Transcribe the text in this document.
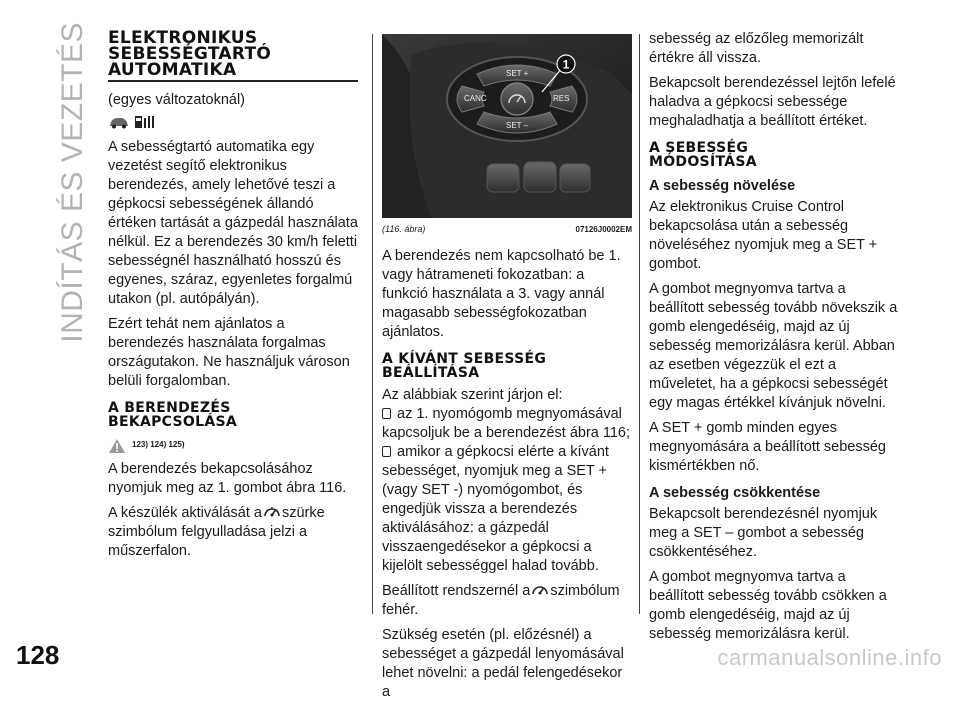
INDÍTÁS ÉS VEZETÉS ELEKTRONIKUS
SEBESSÉGTARTÓ
AUTOMATIKA

(egyes változatoknál)

A sebességtartó automatika egy vezetést segítő elektronikus berendezés, amely lehetővé teszi a gépkocsi sebességének állandó értéken tartását a gázpedál használata nélkül. Ez a berendezés 30 km/h feletti sebességnél használható hosszú és egyenes, száraz, egyenletes forgalmú utakon (pl. autópályán).

Ezért tehát nem ajánlatos a berendezés használata forgalmas országutakon. Ne használjuk városon belüli forgalomban.

A BERENDEZÉS
BEKAPCSOLÁSA
123) 124) 125)

A berendezés bekapcsolásához nyomjuk meg az 1. gombot ábra 116.

A készülék aktiválását a szürke szimbólum felgyulladása jelzi a műszerfalon.

1
SET +
CANC	RES
SET –
(116. ábra)	07126J0002EM

A berendezés nem kapcsolható be 1. vagy hátrameneti fokozatban: a funkció használata a 3. vagy annál magasabb sebességfokozatban ajánlatos.

A KÍVÁNT SEBESSÉG
BEÁLLÍTÁSA

Az alábbiak szerint járjon el:

az 1. nyomógomb megnyomásával kapcsoljuk be a berendezést ábra 116;

amikor a gépkocsi elérte a kívánt sebességet, nyomjuk meg a SET + (vagy SET -) nyomógombot, és engedjük vissza a berendezés aktiválásához: a gázpedál visszaengedésekor a gépkocsi a kijelölt sebességgel halad tovább.

Beállított rendszernél a szimbólum fehér.

Szükség esetén (pl. előzésnél) a sebességet a gázpedál lenyomásával lehet növelni: a pedál felengedésekor a

sebesség az előzőleg memorizált értékre áll vissza.

Bekapcsolt berendezéssel lejtőn lefelé haladva a gépkocsi sebessége meghaladhatja a beállított értéket.

A SEBESSÉG
MÓDOSÍTÁSA
A sebesség növelése

Az elektronikus Cruise Control bekapcsolása után a sebesség növeléséhez nyomjuk meg a SET + gombot.

A gombot megnyomva tartva a beállított sebesség tovább növekszik a gomb elengedéséig, majd az új sebesség memorizálásra kerül. Abban az esetben végezzük el ezt a műveletet, ha a gépkocsi sebességét egy magas értékkel kívánjuk növelni.

A SET + gomb minden egyes megnyomására a beállított sebesség kismértékben nő.

A sebesség csökkentése

Bekapcsolt berendezésnél nyomjuk meg a SET – gombot a sebesség csökkentéséhez.

A gombot megnyomva tartva a beállított sebesség tovább csökken a gomb elengedéséig, majd az új sebesség memorizálásra kerül.

128	carmanualsonline.info
